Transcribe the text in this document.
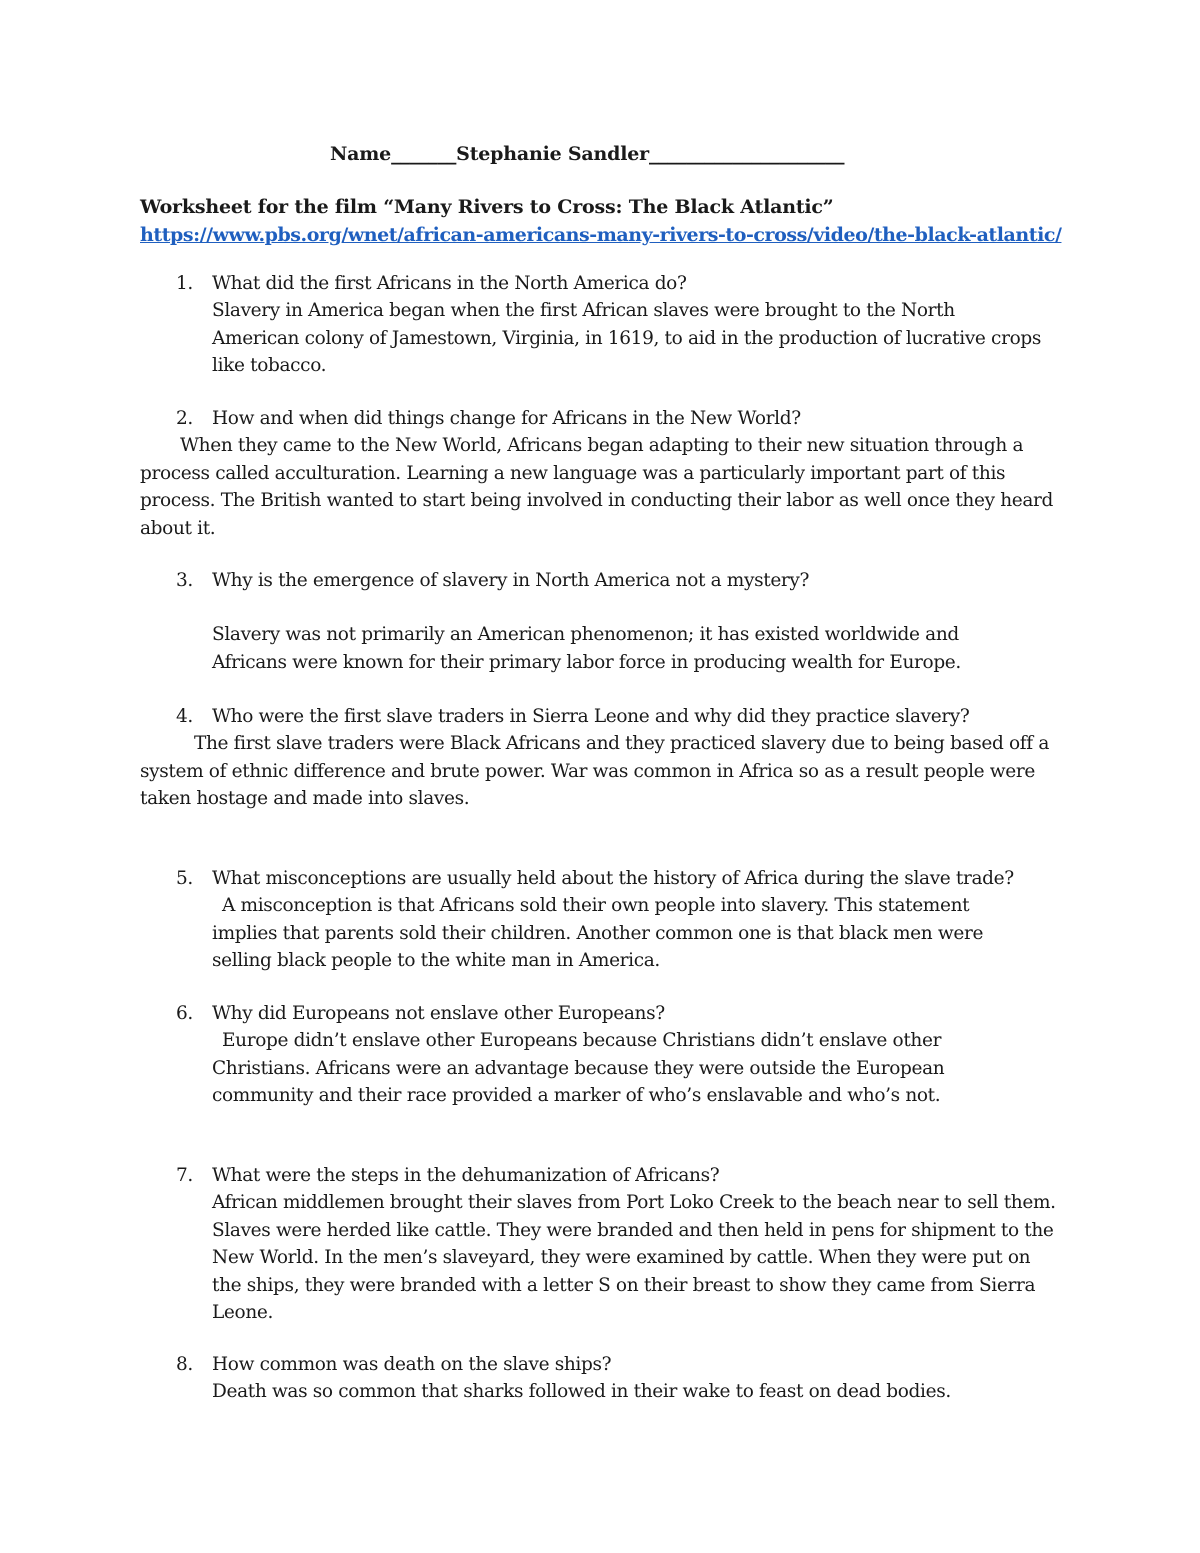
Name_______Stephanie Sandler_____________________
Worksheet for the film “Many Rivers to Cross: The Black Atlantic”
https://www.pbs.org/wnet/african-americans-many-rivers-to-cross/video/the-black-atlantic/
1. What did the first Africans in the North America do?
Slavery in America began when the first African slaves were brought to the North American colony of Jamestown, Virginia, in 1619, to aid in the production of lucrative crops like tobacco.
2. How and when did things change for Africans in the New World?
When they came to the New World, Africans began adapting to their new situation through a process called acculturation. Learning a new language was a particularly important part of this process. The British wanted to start being involved in conducting their labor as well once they heard about it.
3. Why is the emergence of slavery in North America not a mystery?
Slavery was not primarily an American phenomenon; it has existed worldwide and Africans were known for their primary labor force in producing wealth for Europe.
4. Who were the first slave traders in Sierra Leone and why did they practice slavery?
The first slave traders were Black Africans and they practiced slavery due to being based off a system of ethnic difference and brute power. War was common in Africa so as a result people were taken hostage and made into slaves.
5. What misconceptions are usually held about the history of Africa during the slave trade?
A misconception is that Africans sold their own people into slavery. This statement implies that parents sold their children. Another common one is that black men were selling black people to the white man in America.
6. Why did Europeans not enslave other Europeans?
Europe didn’t enslave other Europeans because Christians didn’t enslave other Christians. Africans were an advantage because they were outside the European community and their race provided a marker of who’s enslavable and who’s not.
7. What were the steps in the dehumanization of Africans?
African middlemen brought their slaves from Port Loko Creek to the beach near to sell them. Slaves were herded like cattle. They were branded and then held in pens for shipment to the New World. In the men’s slaveyard, they were examined by cattle. When they were put on the ships, they were branded with a letter S on their breast to show they came from Sierra Leone.
8. How common was death on the slave ships?
Death was so common that sharks followed in their wake to feast on dead bodies.
